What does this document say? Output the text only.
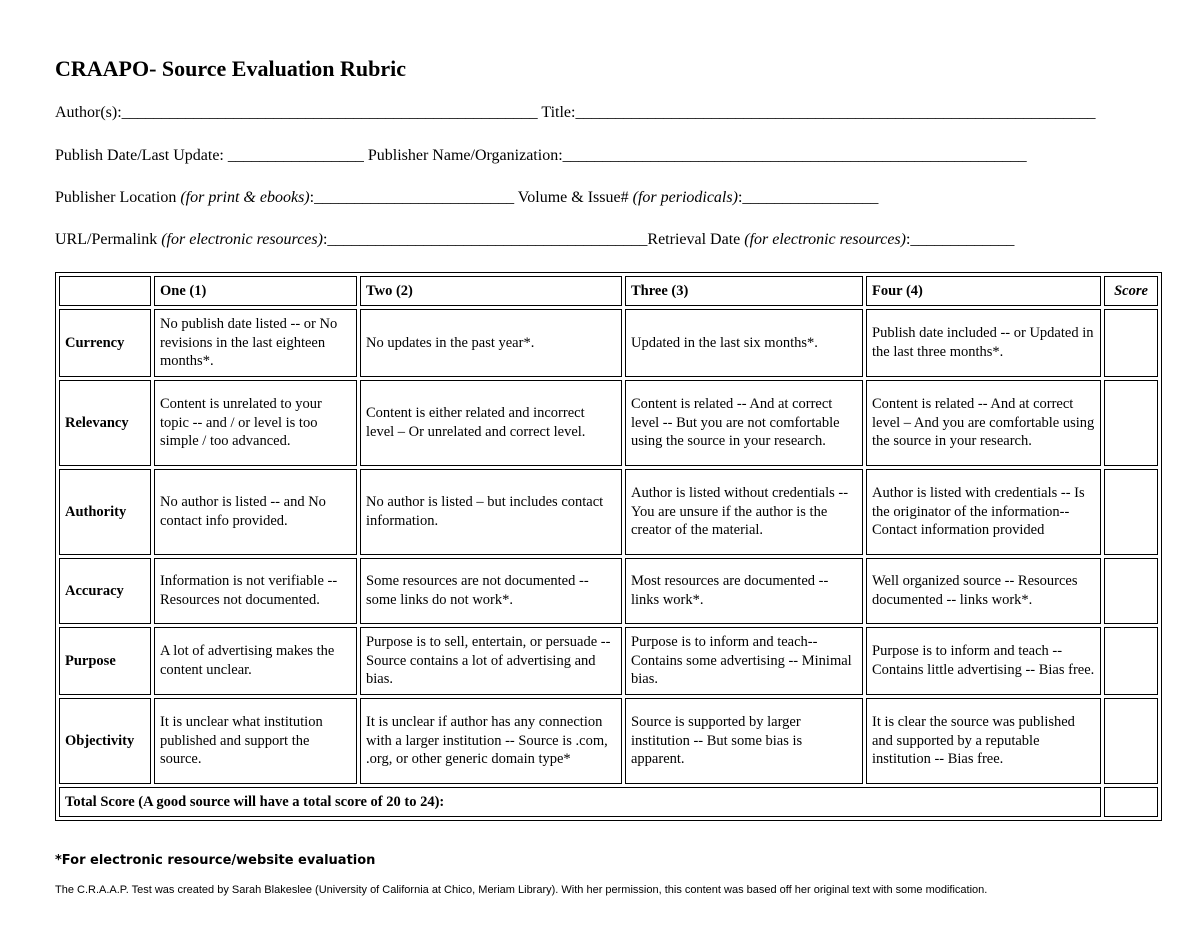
CRAAPO- Source Evaluation Rubric
Author(s):____________________________________________________ Title:_________________________________________________________________
Publish Date/Last Update: _________________ Publisher Name/Organization:__________________________________________________________
Publisher Location (for print & ebooks):_________________________ Volume & Issue# (for periodicals):_________________
URL/Permalink (for electronic resources):________________________________________Retrieval Date (for electronic resources):_____________
	One (1)	Two (2)	Three (3)	Four (4)	Score
Currency	No publish date listed -- or No revisions in the last eighteen months*.	No updates in the past year*.	Updated in the last six months*.	Publish date included -- or Updated in the last three months*.	
Relevancy	Content is unrelated to your topic -- and / or level is too simple / too advanced.	Content is either related and incorrect level – Or unrelated and correct level.	Content is related -- And at correct level -- But you are not comfortable using the source in your research.	Content is related -- And at correct level – And you are comfortable using the source in your research.	
Authority	No author is listed -- and No contact info provided.	No author is listed – but includes contact information.	Author is listed without credentials -- You are unsure if the author is the creator of the material.	Author is listed with credentials -- Is the originator of the information-- Contact information provided	
Accuracy	Information is not verifiable -- Resources not documented.	Some resources are not documented -- some links do not work*.	Most resources are documented -- links work*.	Well organized source -- Resources documented -- links work*.	
Purpose	A lot of advertising makes the content unclear.	Purpose is to sell, entertain, or persuade -- Source contains a lot of advertising and bias.	Purpose is to inform and teach-- Contains some advertising -- Minimal bias.	Purpose is to inform and teach -- Contains little advertising -- Bias free.	
Objectivity	It is unclear what institution published and support the source.	It is unclear if author has any connection with a larger institution -- Source is .com, .org, or other generic domain type*	Source is supported by larger institution -- But some bias is apparent.	It is clear the source was published and supported by a reputable institution -- Bias free.	
Total Score (A good source will have a total score of 20 to 24):					
*For electronic resource/website evaluation
The C.R.A.A.P. Test was created by Sarah Blakeslee (University of California at Chico, Meriam Library). With her permission, this content was based off her original text with some modification.
